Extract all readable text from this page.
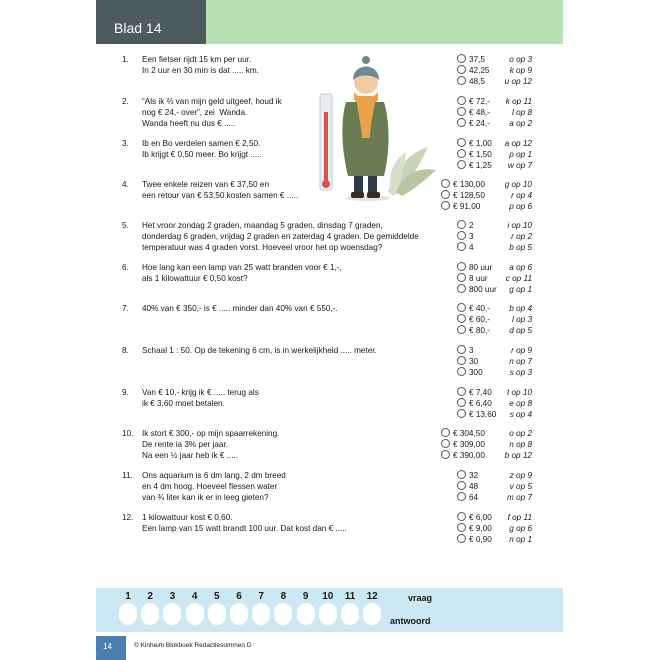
Blad 14
1.	Een fietser rijdt 15 km per uur.
In 2 uur en 30 min is dat ..... km.
2.	“Als ik ⅔ van mijn geld uitgeef, houd ik
nog € 24,- over”, zei  Wanda.
Wanda heeft nu dus € .....
3.	Ib en Bo verdelen samen € 2,50.
Ib krijgt € 0,50 meer. Bo krijgt .....
4.	Twee enkele reizen van € 37,50 en
een retour van € 53,50 kosten samen € .....
5.	Het vroor zondag 2 graden, maandag 5 graden, dinsdag 7 graden,
donderdag 6 graden, vrijdag 2 graden en zaterdag 4 graden. De gemiddelde
temperatuur was 4 graden vorst. Hoeveel vroor het op woensdag?
6.	Hoe lang kan een lamp van 25 watt branden voor € 1,-,
als 1 kilowattuur € 0,50 kost?
7.	40% van € 350,- is € ..... minder dan 40% van € 550,-.
8.	Schaal 1 : 50. Op de tekening 6 cm, is in werkelijkheid ..... meter.
9.	Van € 10,- krijg ik € ..... terug als
ik € 3,60 moet betalen.
10.	Ik stort € 300,- op mijn spaarrekening.
De rente ia 3% per jaar.
Na een ½ jaar heb ik € .....
11.	Ons aquarium is 6 dm lang, 2 dm breed
en 4 dm hoog. Hoeveel flessen water
van ¾ liter kan ik er in leeg gieten?
12.	1 kilowattuur kost € 0,60.
Een lamp van 15 watt brandt 100 uur. Dat kost dan € .....
37,5	o op 3
42,25	k op 9
48,5	u op 12
€ 72,-	k op 11
€ 48,-	l op 8
€ 24,-	a op 2
€ 1,00	a op 12
€ 1,50	p op 1
€ 1,25	w op 7
€ 130,00	g op 10
€ 128,50	r op 4
€ 91,00	p op 6
2	i op 10
3	r op 2
4	b op 5
80 uur	a op 6
8 uur	c op 11
800 uur	g op 1
€ 40,-	b op 4
€ 60,-	l op 3
€ 80,-	d op 5
3	r op 9
30	n op 7
300	s op 3
€ 7,40	t op 10
€ 6,40	e op 8
€ 13,60	s op 4
€ 304,50	o op 2
€ 309,00	n op 8
€ 390,00	b op 12
32	z op 9
48	v op 5
64	m op 7
€ 6,00	f op 11
€ 9,00	g op 6
€ 0,90	n op 1
1	2	3	4	5	6	7	8	9	10	11	12	vraag
antwoord
14	© Kinheim Blokboek Redactiesommen D
